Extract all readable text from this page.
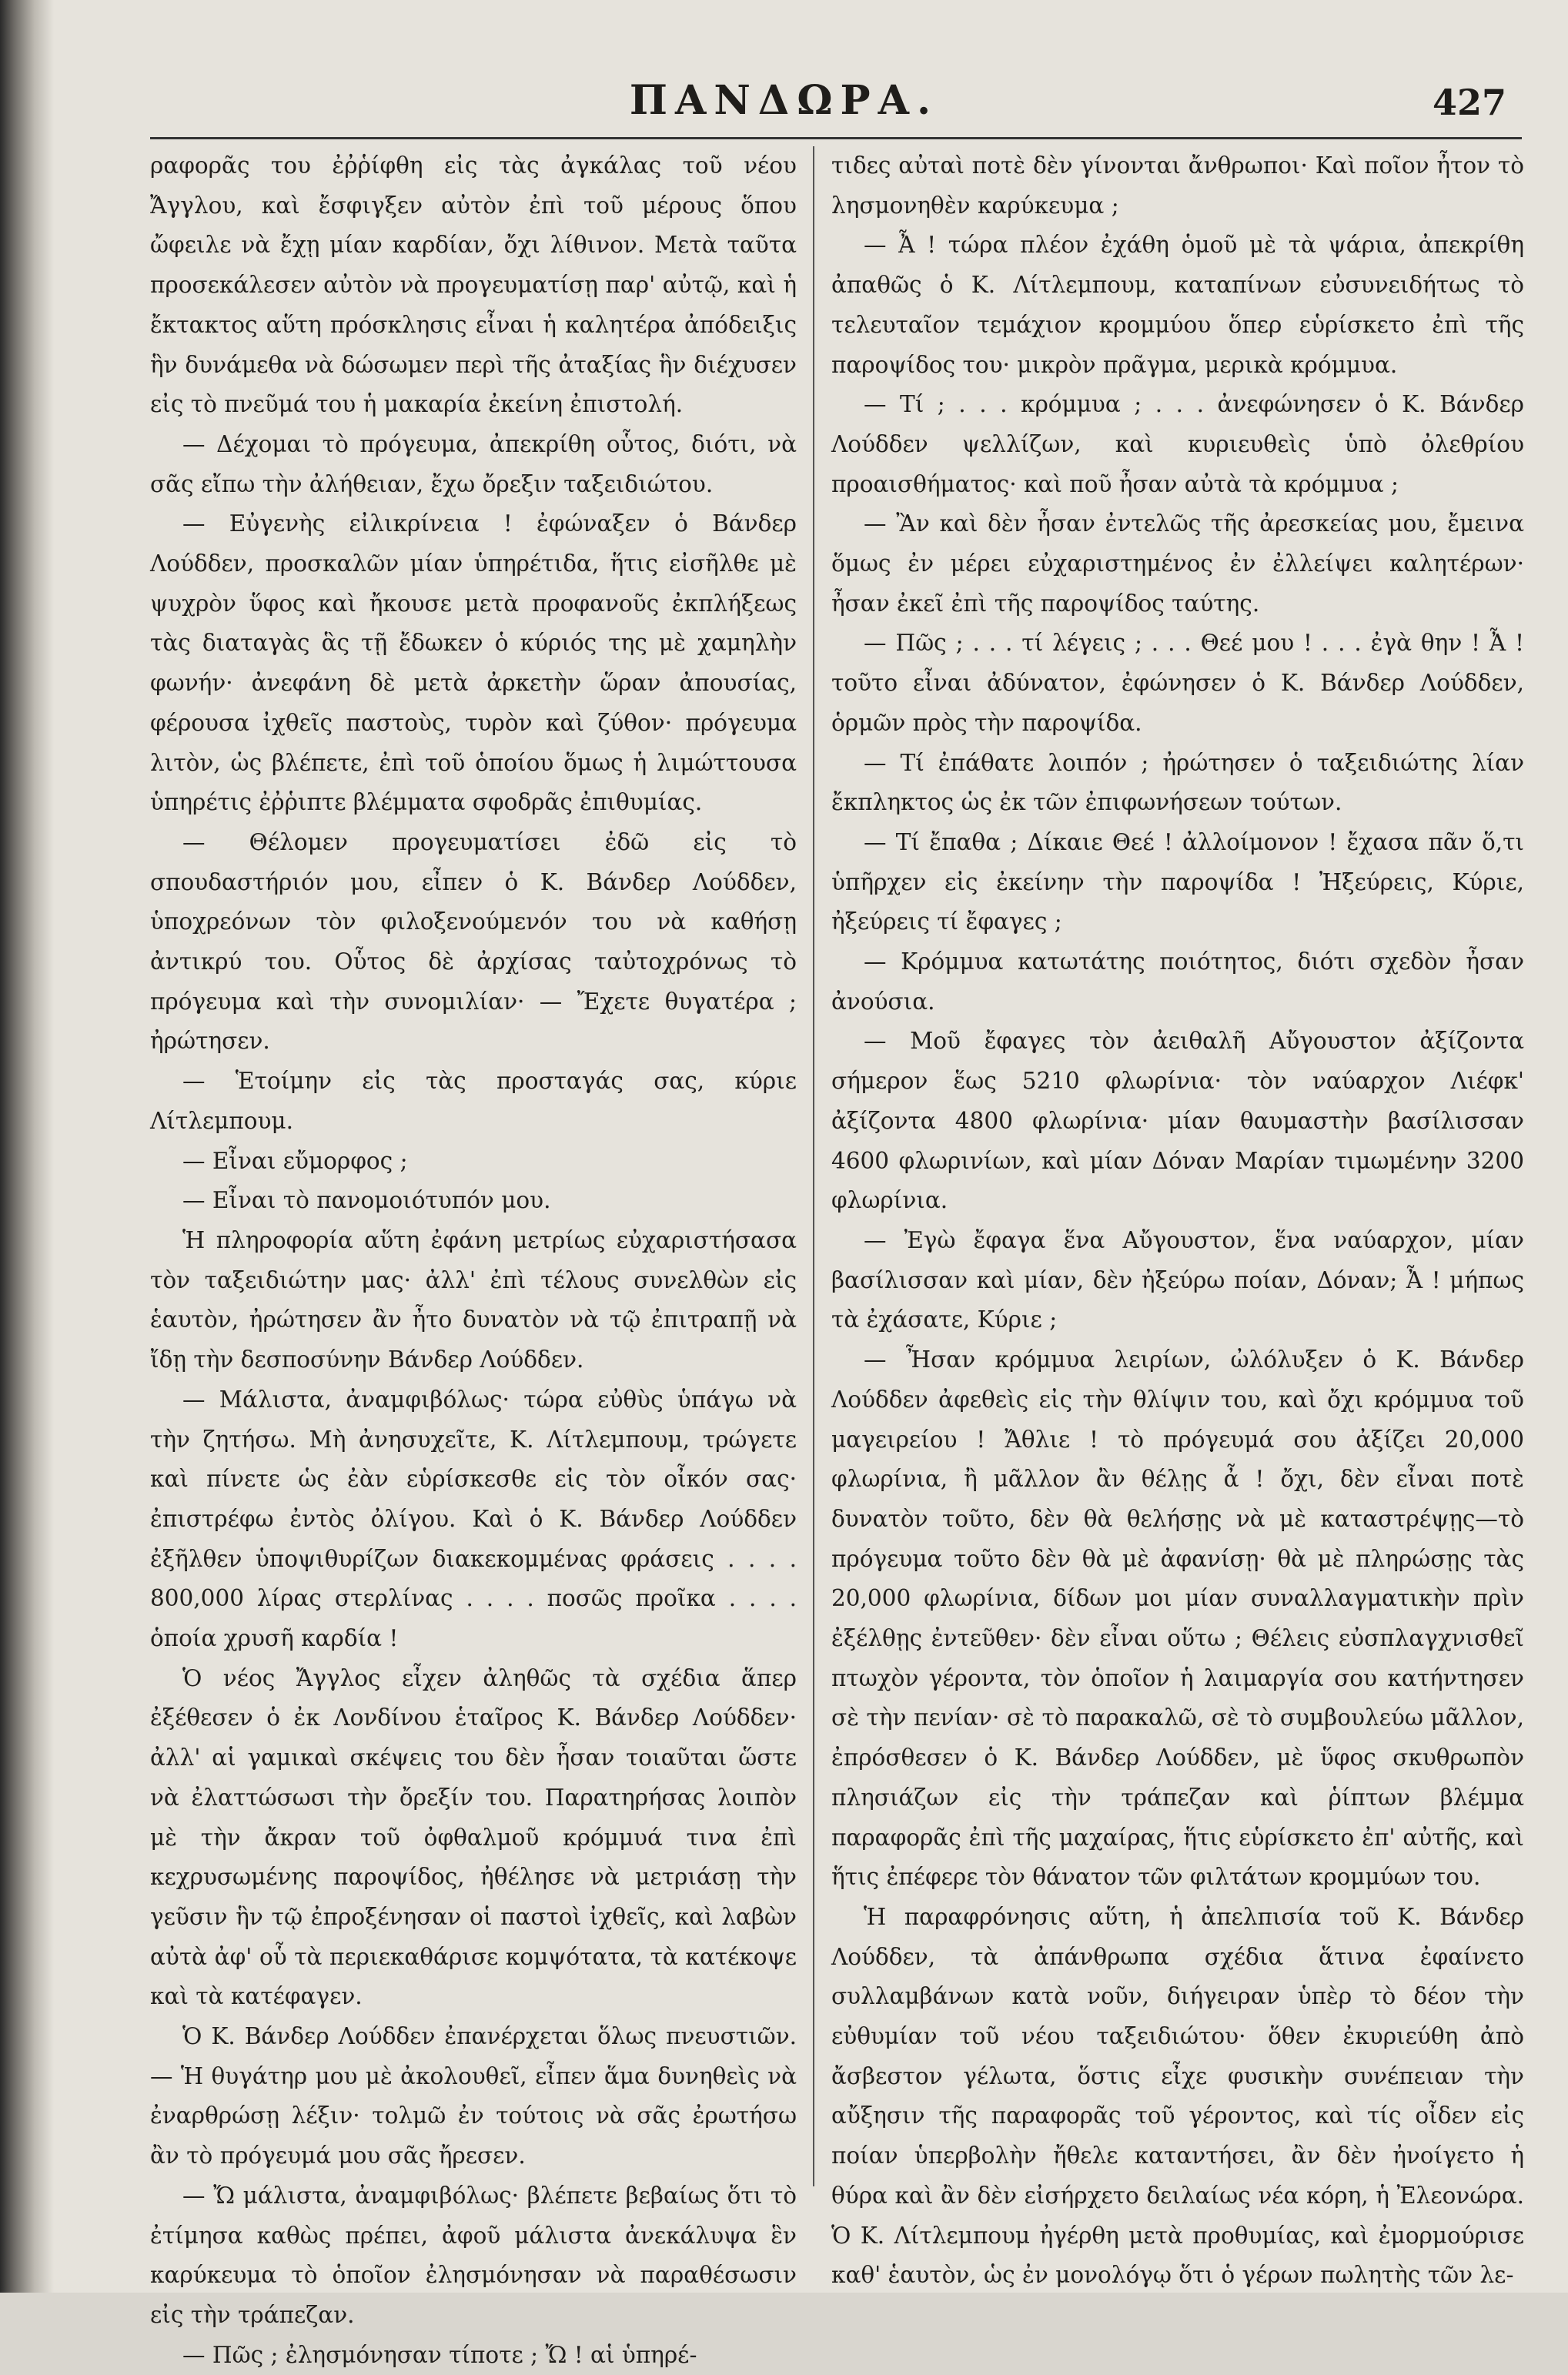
ΠΑΝΔΩΡΑ.	427

ραφορᾶς του ἐῤῥίφθη εἰς τὰς ἀγκάλας τοῦ νέου Ἄγγλου, καὶ ἔσφιγξεν αὐτὸν ἐπὶ τοῦ μέρους ὅπου ὤφειλε νὰ ἔχῃ μίαν καρδίαν, ὄχι λίθινον. Μετὰ ταῦτα προσεκάλεσεν αὐτὸν νὰ προγευματίσῃ παρ' αὐτῷ, καὶ ἡ ἔκτακτος αὕτη πρόσκλησις εἶναι ἡ καλητέρα ἀπόδειξις ἣν δυνάμεθα νὰ δώσωμεν περὶ τῆς ἀταξίας ἣν διέχυσεν εἰς τὸ πνεῦμά του ἡ μακαρία ἐκείνη ἐπιστολή.

— Δέχομαι τὸ πρόγευμα, ἀπεκρίθη οὗτος, διότι, νὰ σᾶς εἴπω τὴν ἀλήθειαν, ἔχω ὄρεξιν ταξειδιώτου.

— Εὐγενὴς εἰλικρίνεια ! ἐφώναξεν ὁ Βάνδερ Λούδδεν, προσκαλῶν μίαν ὑπηρέτιδα, ἥτις εἰσῆλθε μὲ ψυχρὸν ὕφος καὶ ἤκουσε μετὰ προφανοῦς ἐκπλήξεως τὰς διαταγὰς ἃς τῇ ἔδωκεν ὁ κύριός της μὲ χαμηλὴν φωνήν· ἀνεφάνη δὲ μετὰ ἀρκετὴν ὥραν ἀπουσίας, φέρουσα ἰχθεῖς παστοὺς, τυρὸν καὶ ζύθον· πρόγευμα λιτὸν, ὡς βλέπετε, ἐπὶ τοῦ ὁποίου ὅμως ἡ λιμώττουσα ὑπηρέτις ἐῤῥιπτε βλέμματα σφοδρᾶς ἐπιθυμίας.

— Θέλομεν προγευματίσει ἐδῶ εἰς τὸ σπουδαστήριόν μου, εἶπεν ὁ Κ. Βάνδερ Λούδδεν, ὑποχρεόνων τὸν φιλοξενούμενόν του νὰ καθήσῃ ἀντικρύ του. Οὗτος δὲ ἀρχίσας ταὐτοχρόνως τὸ πρόγευμα καὶ τὴν συνομιλίαν· — Ἔχετε θυγατέρα ; ἠρώτησεν.

— Ἑτοίμην εἰς τὰς προσταγάς σας, κύριε Λίτλεμπουμ.

— Εἶναι εὔμορφος ;

— Εἶναι τὸ πανομοιότυπόν μου.

Ἡ πληροφορία αὕτη ἐφάνη μετρίως εὐχαριστήσασα τὸν ταξειδιώτην μας· ἀλλ' ἐπὶ τέλους συνελθὼν εἰς ἑαυτὸν, ἠρώτησεν ἂν ἦτο δυνατὸν νὰ τῷ ἐπιτραπῇ νὰ ἴδῃ τὴν δεσποσύνην Βάνδερ Λούδδεν.

— Μάλιστα, ἀναμφιβόλως· τώρα εὐθὺς ὑπάγω νὰ τὴν ζητήσω. Μὴ ἀνησυχεῖτε, Κ. Λίτλεμπουμ, τρώγετε καὶ πίνετε ὡς ἐὰν εὑρίσκεσθε εἰς τὸν οἶκόν σας· ἐπιστρέφω ἐντὸς ὀλίγου. Καὶ ὁ Κ. Βάνδερ Λούδδεν ἐξῆλθεν ὑποψιθυρίζων διακεκομμένας φράσεις . . . . 800,000 λίρας στερλίνας . . . . ποσῶς προῖκα . . . . ὁποία χρυσῆ καρδία !

Ὁ νέος Ἄγγλος εἶχεν ἀληθῶς τὰ σχέδια ἅπερ ἐξέθεσεν ὁ ἐκ Λονδίνου ἑταῖρος Κ. Βάνδερ Λούδδεν· ἀλλ' αἱ γαμικαὶ σκέψεις του δὲν ἦσαν τοιαῦται ὥστε νὰ ἐλαττώσωσι τὴν ὄρεξίν του. Παρατηρήσας λοιπὸν μὲ τὴν ἄκραν τοῦ ὀφθαλμοῦ κρόμμυά τινα ἐπὶ κεχρυσωμένης παροψίδος, ἠθέλησε νὰ μετριάσῃ τὴν γεῦσιν ἣν τῷ ἐπροξένησαν οἱ παστοὶ ἰχθεῖς, καὶ λαβὼν αὐτὰ ἀφ' οὗ τὰ περιεκαθάρισε κομψότατα, τὰ κατέκοψε καὶ τὰ κατέφαγεν.

Ὁ Κ. Βάνδερ Λούδδεν ἐπανέρχεται ὅλως πνευστιῶν. — Ἡ θυγάτηρ μου μὲ ἀκολουθεῖ, εἶπεν ἅμα δυνηθεὶς νὰ ἐναρθρώσῃ λέξιν· τολμῶ ἐν τούτοις νὰ σᾶς ἐρωτήσω ἂν τὸ πρόγευμά μου σᾶς ἤρεσεν.

— Ὤ μάλιστα, ἀναμφιβόλως· βλέπετε βεβαίως ὅτι τὸ ἐτίμησα καθὼς πρέπει, ἀφοῦ μάλιστα ἀνεκάλυψα ἓν καρύκευμα τὸ ὁποῖον ἐλησμόνησαν νὰ παραθέσωσιν εἰς τὴν τράπεζαν.

— Πῶς ; ἐλησμόνησαν τίποτε ; Ὤ ! αἱ ὑπηρέ-

τιδες αὐταὶ ποτὲ δὲν γίνονται ἄνθρωποι· Καὶ ποῖον ἦτον τὸ λησμονηθὲν καρύκευμα ;

— Ἆ ! τώρα πλέον ἐχάθη ὁμοῦ μὲ τὰ ψάρια, ἀπεκρίθη ἀπαθῶς ὁ Κ. Λίτλεμπουμ, καταπίνων εὐσυνειδήτως τὸ τελευταῖον τεμάχιον κρομμύου ὅπερ εὑρίσκετο ἐπὶ τῆς παροψίδος του· μικρὸν πρᾶγμα, μερικὰ κρόμμυα.

— Τί ; . . . κρόμμυα ; . . . ἀνεφώνησεν ὁ Κ. Βάνδερ Λούδδεν ψελλίζων, καὶ κυριευθεὶς ὑπὸ ὀλεθρίου προαισθήματος· καὶ ποῦ ἦσαν αὐτὰ τὰ κρόμμυα ;

— Ἂν καὶ δὲν ἦσαν ἐντελῶς τῆς ἀρεσκείας μου, ἔμεινα ὅμως ἐν μέρει εὐχαριστημένος ἐν ἐλλείψει καλητέρων· ἦσαν ἐκεῖ ἐπὶ τῆς παροψίδος ταύτης.

— Πῶς ; . . . τί λέγεις ; . . . Θεέ μου ! . . . ἐγὰ θην ! Ἆ ! τοῦτο εἶναι ἀδύνατον, ἐφώνησεν ὁ Κ. Βάνδερ Λούδδεν, ὁρμῶν πρὸς τὴν παροψίδα.

— Τί ἐπάθατε λοιπόν ; ἠρώτησεν ὁ ταξειδιώτης λίαν ἔκπληκτος ὡς ἐκ τῶν ἐπιφωνήσεων τούτων.

— Τί ἔπαθα ; Δίκαιε Θεέ ! ἀλλοίμονον ! ἔχασα πᾶν ὅ,τι ὑπῆρχεν εἰς ἐκείνην τὴν παροψίδα ! Ἠξεύρεις, Κύριε, ἠξεύρεις τί ἔφαγες ;

— Κρόμμυα κατωτάτης ποιότητος, διότι σχεδὸν ἦσαν ἀνούσια.

— Μοῦ ἔφαγες τὸν ἀειθαλῆ Αὔγουστον ἀξίζοντα σήμερον ἕως 5210 φλωρίνια· τὸν ναύαρχον Λιέφκ' ἀξίζοντα 4800 φλωρίνια· μίαν θαυμαστὴν βασίλισσαν 4600 φλωρινίων, καὶ μίαν Δόναν Μαρίαν τιμωμένην 3200 φλωρίνια.

— Ἐγὼ ἔφαγα ἕνα Αὔγουστον, ἕνα ναύαρχον, μίαν βασίλισσαν καὶ μίαν, δὲν ἠξεύρω ποίαν, Δόναν; Ἆ ! μήπως τὰ ἐχάσατε, Κύριε ;

— Ἦσαν κρόμμυα λειρίων, ὠλόλυξεν ὁ Κ. Βάνδερ Λούδδεν ἀφεθεὶς εἰς τὴν θλίψιν του, καὶ ὄχι κρόμμυα τοῦ μαγειρείου ! Ἄθλιε ! τὸ πρόγευμά σου ἀξίζει 20,000 φλωρίνια, ἢ μᾶλλον ἂν θέλῃς ἆ ! ὄχι, δὲν εἶναι ποτὲ δυνατὸν τοῦτο, δὲν θὰ θελήσῃς νὰ μὲ καταστρέψῃς—τὸ πρόγευμα τοῦτο δὲν θὰ μὲ ἀφανίσῃ· θὰ μὲ πληρώσῃς τὰς 20,000 φλωρίνια, δίδων μοι μίαν συναλλαγματικὴν πρὶν ἐξέλθῃς ἐντεῦθεν· δὲν εἶναι οὕτω ; Θέλεις εὐσπλαγχνισθεῖ πτωχὸν γέροντα, τὸν ὁποῖον ἡ λαιμαργία σου κατήντησεν σὲ τὴν πενίαν· σὲ τὸ παρακαλῶ, σὲ τὸ συμβουλεύω μᾶλλον, ἐπρόσθεσεν ὁ Κ. Βάνδερ Λούδδεν, μὲ ὕφος σκυθρωπὸν πλησιάζων εἰς τὴν τράπεζαν καὶ ῥίπτων βλέμμα παραφορᾶς ἐπὶ τῆς μαχαίρας, ἥτις εὑρίσκετο ἐπ' αὐτῆς, καὶ ἥτις ἐπέφερε τὸν θάνατον τῶν φιλτάτων κρομμύων του.

Ἡ παραφρόνησις αὕτη, ἡ ἀπελπισία τοῦ Κ. Βάνδερ Λούδδεν, τὰ ἀπάνθρωπα σχέδια ἅτινα ἐφαίνετο συλλαμβάνων κατὰ νοῦν, διήγειραν ὑπὲρ τὸ δέον τὴν εὐθυμίαν τοῦ νέου ταξειδιώτου· ὅθεν ἐκυριεύθη ἀπὸ ἄσβεστον γέλωτα, ὅστις εἶχε φυσικὴν συνέπειαν τὴν αὔξησιν τῆς παραφορᾶς τοῦ γέροντος, καὶ τίς οἶδεν εἰς ποίαν ὑπερβολὴν ἤθελε καταντήσει, ἂν δὲν ἠνοίγετο ἡ θύρα καὶ ἂν δὲν εἰσήρχετο δειλαίως νέα κόρη, ἡ Ἐλεονώρα. Ὁ Κ. Λίτλεμπουμ ἠγέρθη μετὰ προθυμίας, καὶ ἐμορμούρισε καθ' ἑαυτὸν, ὡς ἐν μονολόγῳ ὅτι ὁ γέρων πωλητὴς τῶν λε-
